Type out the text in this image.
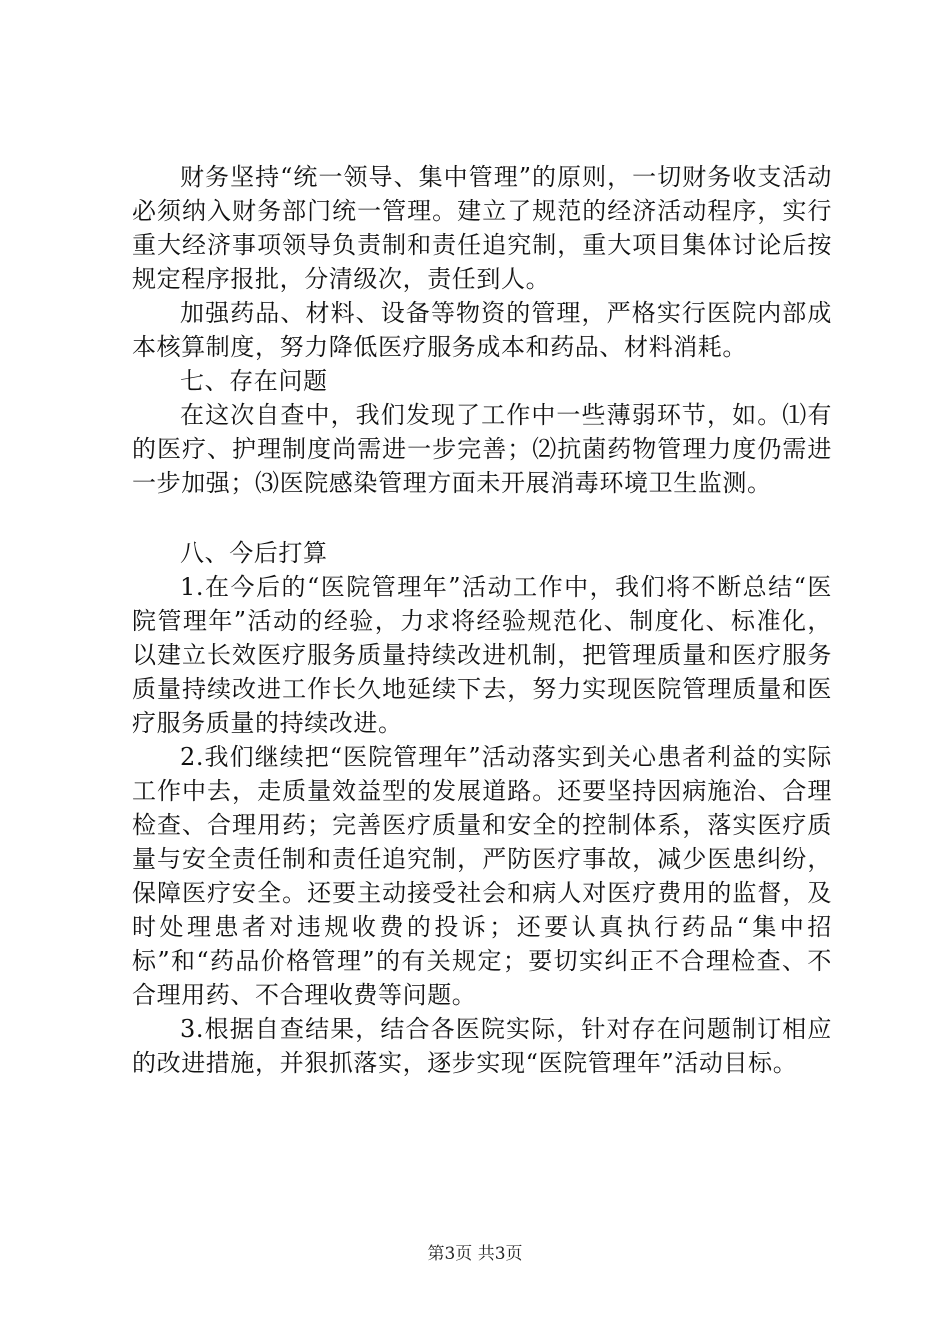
财务坚持“统一领导、集中管理”的原则，一切财务收支活动必须纳入财务部门统一管理。建立了规范的经济活动程序，实行重大经济事项领导负责制和责任追究制，重大项目集体讨论后按规定程序报批，分清级次，责任到人。

加强药品、材料、设备等物资的管理，严格实行医院内部成本核算制度，努力降低医疗服务成本和药品、材料消耗。

七、存在问题

在这次自查中，我们发现了工作中一些薄弱环节，如。⑴有的医疗、护理制度尚需进一步完善；⑵抗菌药物管理力度仍需进一步加强；⑶医院感染管理方面未开展消毒环境卫生监测。

八、今后打算

1.在今后的“医院管理年”活动工作中，我们将不断总结“医院管理年”活动的经验，力求将经验规范化、制度化、标准化，以建立长效医疗服务质量持续改进机制，把管理质量和医疗服务质量持续改进工作长久地延续下去，努力实现医院管理质量和医疗服务质量的持续改进。

2.我们继续把“医院管理年”活动落实到关心患者利益的实际工作中去，走质量效益型的发展道路。还要坚持因病施治、合理检查、合理用药；完善医疗质量和安全的控制体系，落实医疗质量与安全责任制和责任追究制，严防医疗事故，减少医患纠纷，保障医疗安全。还要主动接受社会和病人对医疗费用的监督，及时处理患者对违规收费的投诉；还要认真执行药品“集中招标”和“药品价格管理”的有关规定；要切实纠正不合理检查、不合理用药、不合理收费等问题。

3.根据自查结果，结合各医院实际，针对存在问题制订相应的改进措施，并狠抓落实，逐步实现“医院管理年”活动目标。

第3页 共3页
